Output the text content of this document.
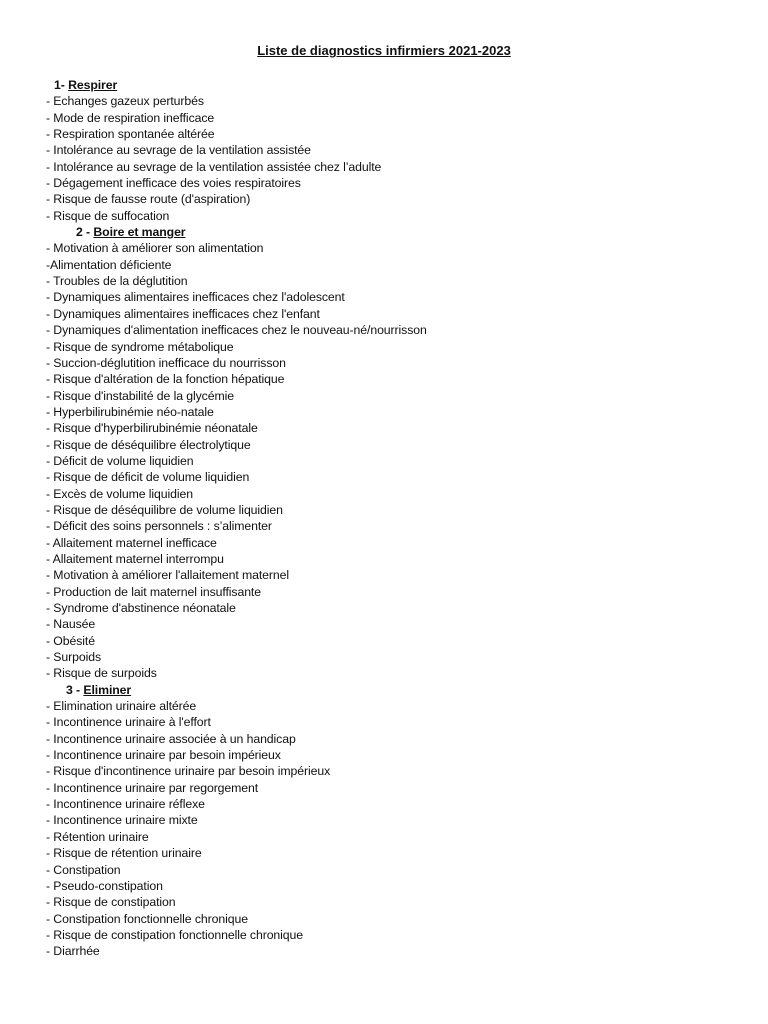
Liste de diagnostics infirmiers 2021-2023
1- Respirer
- Echanges gazeux perturbés
- Mode de respiration inefficace
- Respiration spontanée altérée
- Intolérance au sevrage de la ventilation assistée
- Intolérance au sevrage de la ventilation assistée chez l’adulte
- Dégagement inefficace des voies respiratoires
- Risque de fausse route (d'aspiration)
- Risque de suffocation
2 - Boire et manger
- Motivation à améliorer son alimentation
-Alimentation déficiente
- Troubles de la déglutition
- Dynamiques alimentaires inefficaces chez l'adolescent
- Dynamiques alimentaires inefficaces chez l'enfant
- Dynamiques d'alimentation inefficaces chez le nouveau-né/nourrisson
- Risque de syndrome métabolique
- Succion-déglutition inefficace du nourrisson
- Risque d'altération de la fonction hépatique
- Risque d'instabilité de la glycémie
- Hyperbilirubinémie néo-natale
- Risque d'hyperbilirubinémie néonatale
- Risque de déséquilibre électrolytique
- Déficit de volume liquidien
- Risque de déficit de volume liquidien
- Excès de volume liquidien
- Risque de déséquilibre de volume liquidien
- Déficit des soins personnels : s’alimenter
- Allaitement maternel inefficace
- Allaitement maternel interrompu
- Motivation à améliorer l'allaitement maternel
- Production de lait maternel insuffisante
- Syndrome d'abstinence néonatale
- Nausée
- Obésité
- Surpoids
- Risque de surpoids
3 - Eliminer
- Elimination urinaire altérée
- Incontinence urinaire à l'effort
- Incontinence urinaire associée à un handicap
- Incontinence urinaire par besoin impérieux
- Risque d'incontinence urinaire par besoin impérieux
- Incontinence urinaire par regorgement
- Incontinence urinaire réflexe
- Incontinence urinaire mixte
- Rétention urinaire
- Risque de rétention urinaire
- Constipation
- Pseudo-constipation
- Risque de constipation
- Constipation fonctionnelle chronique
- Risque de constipation fonctionnelle chronique
- Diarrhée
